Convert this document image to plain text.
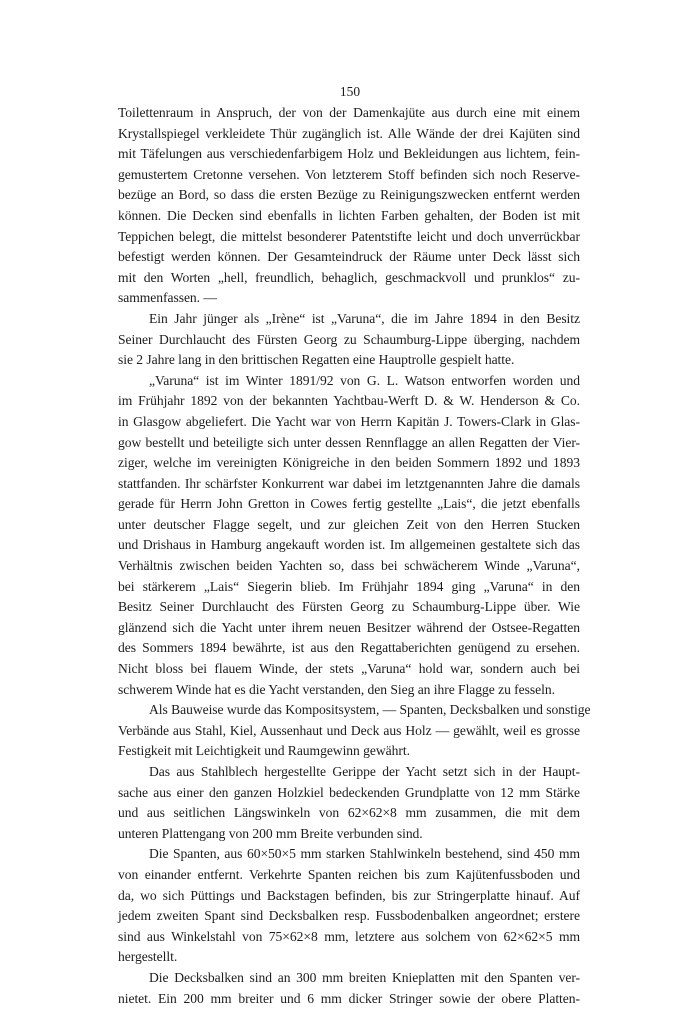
150
Toilettenraum in Anspruch, der von der Damenkajüte aus durch eine mit einem
Krystallspiegel verkleidete Thür zugänglich ist. Alle Wände der drei Kajüten sind
mit Täfelungen aus verschiedenfarbigem Holz und Bekleidungen aus lichtem, fein-
gemustertem Cretonne versehen. Von letzterem Stoff befinden sich noch Reserve-
bezüge an Bord, so dass die ersten Bezüge zu Reinigungszwecken entfernt werden
können. Die Decken sind ebenfalls in lichten Farben gehalten, der Boden ist mit
Teppichen belegt, die mittelst besonderer Patentstifte leicht und doch unverrückbar
befestigt werden können. Der Gesamteindruck der Räume unter Deck lässt sich
mit den Worten „hell, freundlich, behaglich, geschmackvoll und prunklos“ zu-
sammenfassen. —
Ein Jahr jünger als „Irène“ ist „Varuna“, die im Jahre 1894 in den Besitz
Seiner Durchlaucht des Fürsten Georg zu Schaumburg-Lippe überging, nachdem
sie 2 Jahre lang in den brittischen Regatten eine Hauptrolle gespielt hatte.
„Varuna“ ist im Winter 1891/92 von G. L. Watson entworfen worden und
im Frühjahr 1892 von der bekannten Yachtbau-Werft D. & W. Henderson & Co.
in Glasgow abgeliefert. Die Yacht war von Herrn Kapitän J. Towers-Clark in Glas-
gow bestellt und beteiligte sich unter dessen Rennflagge an allen Regatten der Vier-
ziger, welche im vereinigten Königreiche in den beiden Sommern 1892 und 1893
stattfanden. Ihr schärfster Konkurrent war dabei im letztgenannten Jahre die damals
gerade für Herrn John Gretton in Cowes fertig gestellte „Lais“, die jetzt ebenfalls
unter deutscher Flagge segelt, und zur gleichen Zeit von den Herren Stucken
und Drishaus in Hamburg angekauft worden ist. Im allgemeinen gestaltete sich das
Verhältnis zwischen beiden Yachten so, dass bei schwächerem Winde „Varuna“,
bei stärkerem „Lais“ Siegerin blieb. Im Frühjahr 1894 ging „Varuna“ in den
Besitz Seiner Durchlaucht des Fürsten Georg zu Schaumburg-Lippe über. Wie
glänzend sich die Yacht unter ihrem neuen Besitzer während der Ostsee-Regatten
des Sommers 1894 bewährte, ist aus den Regattaberichten genügend zu ersehen.
Nicht bloss bei flauem Winde, der stets „Varuna“ hold war, sondern auch bei
schwerem Winde hat es die Yacht verstanden, den Sieg an ihre Flagge zu fesseln.
Als Bauweise wurde das Kompositsystem, — Spanten, Decksbalken und sonstige
Verbände aus Stahl, Kiel, Aussenhaut und Deck aus Holz — gewählt, weil es grosse
Festigkeit mit Leichtigkeit und Raumgewinn gewährt.
Das aus Stahlblech hergestellte Gerippe der Yacht setzt sich in der Haupt-
sache aus einer den ganzen Holzkiel bedeckenden Grundplatte von 12 mm Stärke
und aus seitlichen Längswinkeln von 62×62×8 mm zusammen, die mit dem
unteren Plattengang von 200 mm Breite verbunden sind.
Die Spanten, aus 60×50×5 mm starken Stahlwinkeln bestehend, sind 450 mm
von einander entfernt. Verkehrte Spanten reichen bis zum Kajütenfussboden und
da, wo sich Püttings und Backstagen befinden, bis zur Stringerplatte hinauf. Auf
jedem zweiten Spant sind Decksbalken resp. Fussbodenbalken angeordnet; erstere
sind aus Winkelstahl von 75×62×8 mm, letztere aus solchem von 62×62×5 mm
hergestellt.
Die Decksbalken sind an 300 mm breiten Knieplatten mit den Spanten ver-
nietet. Ein 200 mm breiter und 6 mm dicker Stringer sowie der obere Platten-
